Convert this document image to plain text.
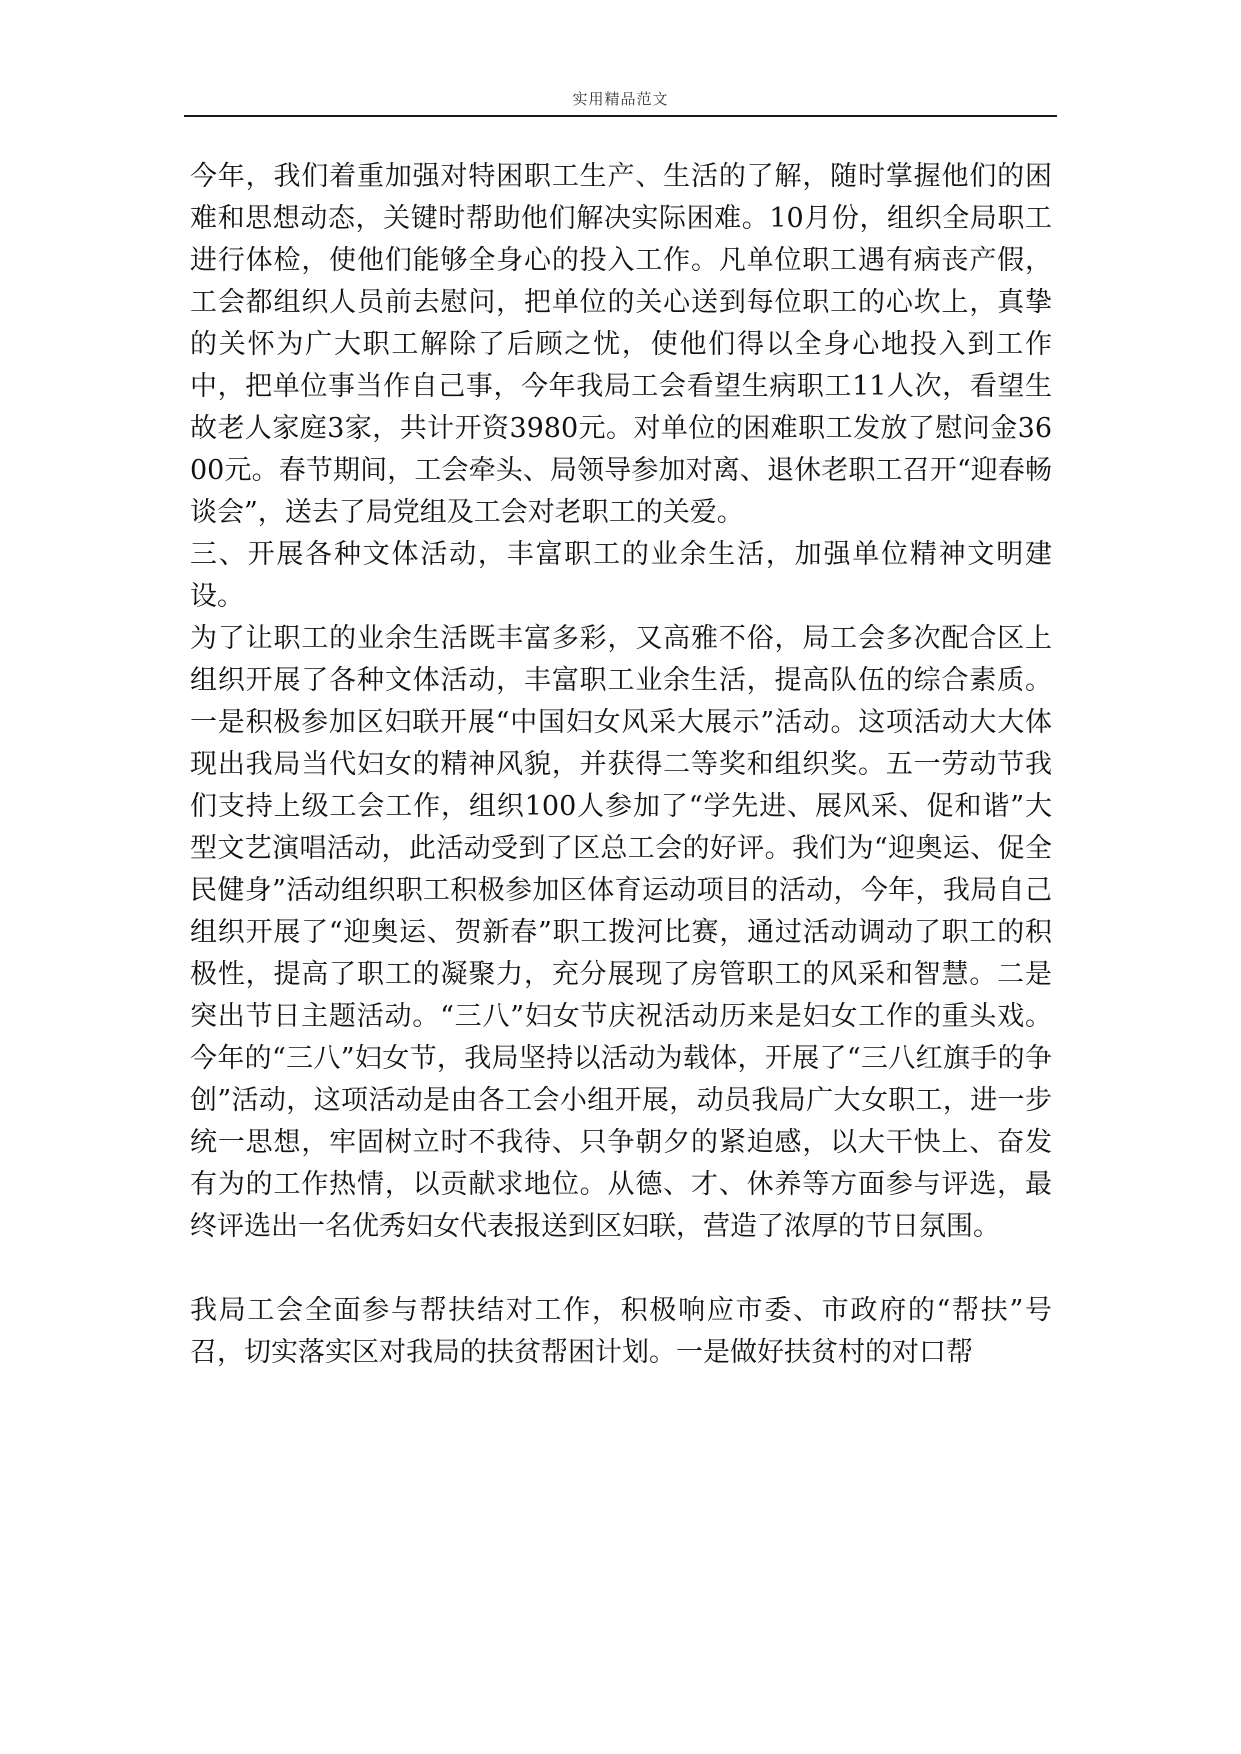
实用精品范文

今年，我们着重加强对特困职工生产、生活的了解，随时掌握他们的困难和思想动态，关键时帮助他们解决实际困难。10月份，组织全局职工进行体检，使他们能够全身心的投入工作。凡单位职工遇有病丧产假，工会都组织人员前去慰问，把单位的关心送到每位职工的心坎上，真挚的关怀为广大职工解除了后顾之忧，使他们得以全身心地投入到工作中，把单位事当作自己事，今年我局工会看望生病职工11人次，看望生故老人家庭3家，共计开资3980元。对单位的困难职工发放了慰问金3600元。春节期间，工会牵头、局领导参加对离、退休老职工召开“迎春畅谈会”，送去了局党组及工会对老职工的关爱。

三、开展各种文体活动，丰富职工的业余生活，加强单位精神文明建设。

为了让职工的业余生活既丰富多彩，又高雅不俗，局工会多次配合区上组织开展了各种文体活动，丰富职工业余生活，提高队伍的综合素质。一是积极参加区妇联开展“中国妇女风采大展示”活动。这项活动大大体现出我局当代妇女的精神风貌，并获得二等奖和组织奖。五一劳动节我们支持上级工会工作，组织100人参加了“学先进、展风采、促和谐”大型文艺演唱活动，此活动受到了区总工会的好评。我们为“迎奥运、促全民健身”活动组织职工积极参加区体育运动项目的活动，今年，我局自己组织开展了“迎奥运、贺新春”职工拨河比赛，通过活动调动了职工的积极性，提高了职工的凝聚力，充分展现了房管职工的风采和智慧。二是突出节日主题活动。“三八”妇女节庆祝活动历来是妇女工作的重头戏。今年的“三八”妇女节，我局坚持以活动为载体，开展了“三八红旗手的争创”活动，这项活动是由各工会小组开展，动员我局广大女职工，进一步统一思想，牢固树立时不我待、只争朝夕的紧迫感，以大干快上、奋发有为的工作热情，以贡献求地位。从德、才、休养等方面参与评选，最终评选出一名优秀妇女代表报送到区妇联，营造了浓厚的节日氛围。

我局工会全面参与帮扶结对工作，积极响应市委、市政府的“帮扶”号召，切实落实区对我局的扶贫帮困计划。一是做好扶贫村的对口帮
